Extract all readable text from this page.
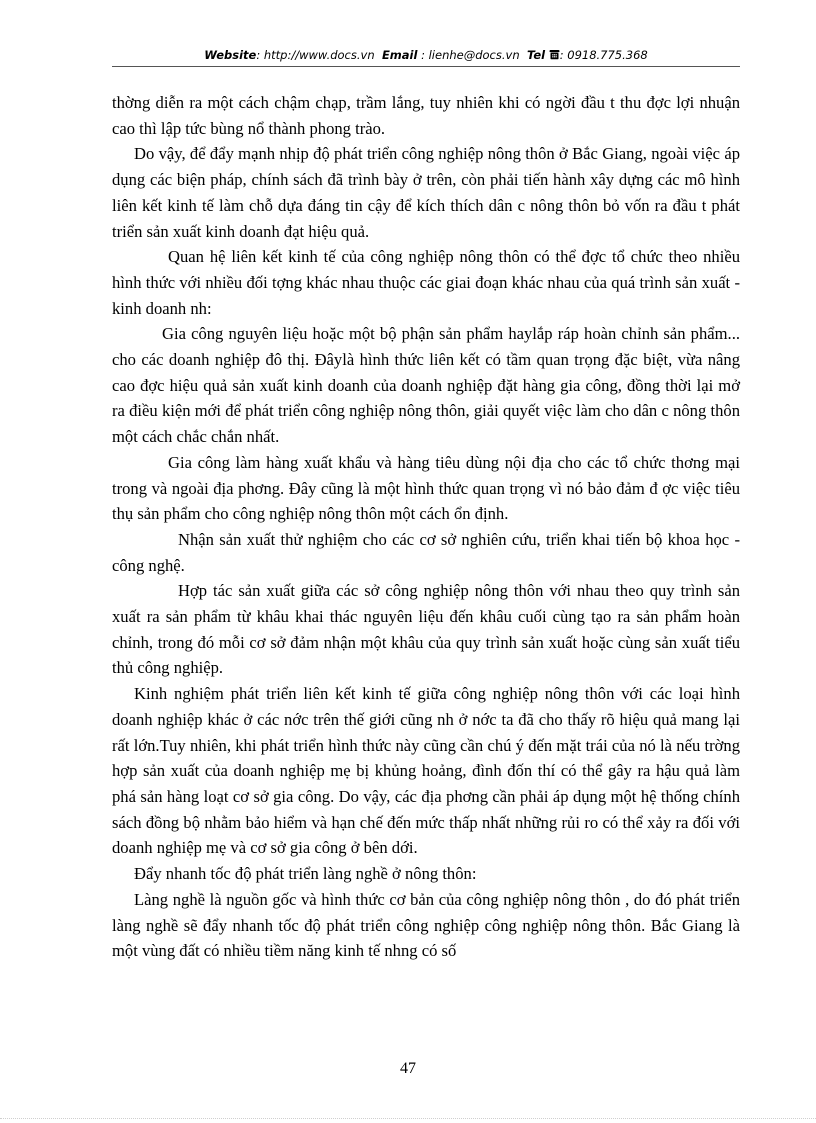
Website: http://www.docs.vn Email : lienhe@docs.vn Tel : 0918.775.368

thờng diễn ra một cách chậm chạp, trầm lắng, tuy nhiên khi có ngời đầu t thu đợc lợi nhuận cao thì lập tức bùng nổ thành phong trào.

Do vậy, để đẩy mạnh nhịp độ phát triển công nghiệp nông thôn ở Bắc Giang, ngoài việc áp dụng các biện pháp, chính sách đã trình bày ở trên, còn phải tiến hành xây dựng các mô hình liên kết kinh tế làm chỗ dựa đáng tin cậy để kích thích dân c nông thôn bỏ vốn ra đầu t phát triển sản xuất kinh doanh đạt hiệu quả.

Quan hệ liên kết kinh tế của công nghiệp nông thôn có thể đợc tổ chức theo nhiều hình thức với nhiều đối tợng khác nhau thuộc các giai đoạn khác nhau của quá trình sản xuất - kinh doanh nh:

Gia công nguyên liệu hoặc một bộ phận sản phẩm haylắp ráp hoàn chỉnh sản phẩm... cho các doanh nghiệp đô thị. Đâylà hình thức liên kết có tầm quan trọng đặc biệt, vừa nâng cao đợc hiệu quả sản xuất kinh doanh của doanh nghiệp đặt hàng gia công, đồng thời lại mở ra điều kiện mới để phát triển công nghiệp nông thôn, giải quyết việc làm cho dân c nông thôn một cách chắc chắn nhất.

Gia công làm hàng xuất khẩu và hàng tiêu dùng nội địa cho các tổ chức thơng mại trong và ngoài địa phơng. Đây cũng là một hình thức quan trọng vì nó bảo đảm đ ợc việc tiêu thụ sản phẩm cho công nghiệp nông thôn một cách ổn định.

Nhận sản xuất thử nghiệm cho các cơ sở nghiên cứu, triển khai tiến bộ khoa học - công nghệ.

Hợp tác sản xuất giữa các sở công nghiệp nông thôn với nhau theo quy trình sản xuất ra sản phẩm từ khâu khai thác nguyên liệu đến khâu cuối cùng tạo ra sản phẩm hoàn chỉnh, trong đó mỗi cơ sở đảm nhận một khâu của quy trình sản xuất hoặc cùng sản xuất tiểu thủ công nghiệp.

Kinh nghiệm phát triển liên kết kinh tế giữa công nghiệp nông thôn với các loại hình doanh nghiệp khác ở các nớc trên thế giới cũng nh ở nớc ta đã cho thấy rõ hiệu quả mang lại rất lớn.Tuy nhiên, khi phát triển hình thức này cũng cần chú ý đến mặt trái của nó là nếu trờng hợp sản xuất của doanh nghiệp mẹ bị khủng hoảng, đình đốn thí có thể gây ra hậu quả làm phá sản hàng loạt cơ sở gia công. Do vậy, các địa phơng cần phải áp dụng một hệ thống chính sách đồng bộ nhằm bảo hiểm và hạn chế đến mức thấp nhất những rủi ro có thể xảy ra đối với doanh nghiệp mẹ và cơ sở gia công ở bên dới.

Đẩy nhanh tốc độ phát triển làng nghề ở nông thôn:

Làng nghề là nguồn gốc và hình thức cơ bản của công nghiệp nông thôn , do đó phát triển làng nghề sẽ đẩy nhanh tốc độ phát triển công nghiệp công nghiệp nông thôn. Bắc Giang là một vùng đất có nhiều tiềm năng kinh tế nhng có số

47
